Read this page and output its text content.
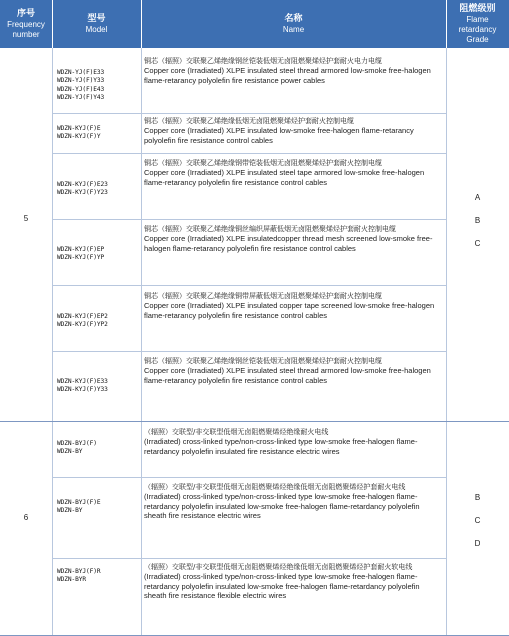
序号
Frequency
number
型号
Model
名称
Name
阻燃级别
Flame
retardancy
Grade
5
A
B
C
WDZN-YJ(F)E33
WDZN-YJ(F)Y33
WDZN-YJ(F)E43
WDZN-YJ(F)Y43
铜芯（辐照）交联聚乙烯绝缘钢丝铠装低烟无卤阻燃聚烯烃护套耐火电力电缆
Copper core (Irradiated) XLPE insulated steel thread armored low-smoke free-halogen flame-retarancy polyolefin fire resistance power cables
WDZN-KYJ(F)E
WDZN-KYJ(F)Y
铜芯（辐照）交联聚乙烯绝缘低烟无卤阻燃聚烯烃护套耐火控制电缆
Copper core (Irradiated) XLPE insulated low-smoke free-halogen flame-retarancy polyolefin fire resistance control cables
WDZN-KYJ(F)E23
WDZN-KYJ(F)Y23
铜芯（辐照）交联聚乙烯绝缘钢带铠装低烟无卤阻燃聚烯烃护套耐火控制电缆
Copper core (Irradiated) XLPE insulated steel tape armored low-smoke free-halogen flame-retarancy polyolefin fire resistance control cables
WDZN-KYJ(F)EP
WDZN-KYJ(F)YP
铜芯（辐照）交联聚乙烯绝缘铜丝编织屏蔽低烟无卤阻燃聚烯烃护套耐火控制电缆
Copper core (Irradiated) XLPE insulatedcopper thread mesh screened low-smoke free-halogen flame-retarancy polyolefin fire resistance control cables
WDZN-KYJ(F)EP2
WDZN-KYJ(F)YP2
铜芯（辐照）交联聚乙烯绝缘铜带屏蔽低烟无卤阻燃聚烯烃护套耐火控制电缆
Copper core (Irradiated) XLPE insulated copper tape screened low-smoke free-halogen flame-retarancy polyolefin fire resistance control cables
WDZN-KYJ(F)E33
WDZN-KYJ(F)Y33
铜芯（辐照）交联聚乙烯绝缘钢丝铠装低烟无卤阻燃聚烯烃护套耐火控制电缆
Copper core (Irradiated) XLPE insulated steel thread armored low-smoke free-halogen flame-retarancy polyolefin fire resistance control cables
6
B
C
D
WDZN-BYJ(F)
WDZN-BY
（辐照）交联型/非交联型低烟无卤阻燃聚烯烃绝缘耐火电线
(Irradiated) cross-linked type/non-cross-linked type low-smoke free-halogen flame-retardancy polyolefin insulated fire resistance electric wires
WDZN-BYJ(F)E
WDZN-BY
（辐照）交联型/非交联型低烟无卤阻燃聚烯烃绝缘低烟无卤阻燃聚烯烃护套耐火电线
(Irradiated) cross-linked type/non-cross-linked type low-smoke free-halogen flame-retardancy polyolefin insulated low-smoke free-halogen flame-retardancy polyolefin sheath fire resistance electric wires
WDZN-BYJ(F)R
WDZN-BYR
（辐照）交联型/非交联型低烟无卤阻燃聚烯烃绝缘低烟无卤阻燃聚烯烃护套耐火软电线
(Irradiated) cross-linked type/non-cross-linked type low-smoke free-halogen flame-retardancy polyolefin insulated low-smoke free-halogen flame-retardancy polyolefin sheath fire resistance flexible electric wires
